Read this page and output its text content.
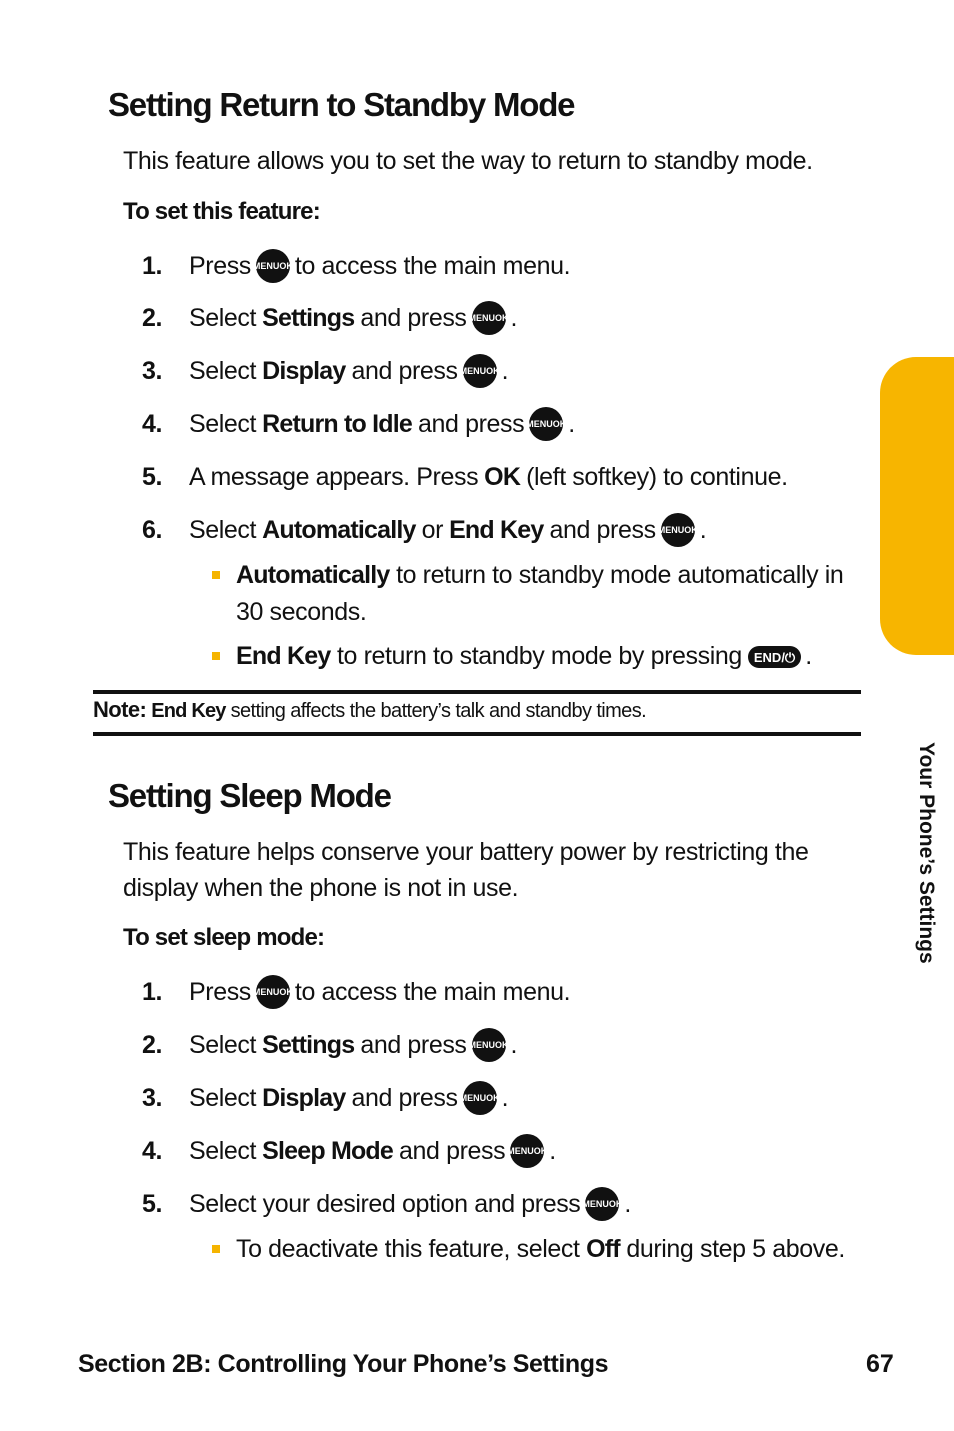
Setting Return to Standby Mode

This feature allows you to set the way to return to standby mode.

To set this feature:

1.	Press MENU OK to access the main menu.
2.	Select Settings and press MENU OK .
3.	Select Display and press MENU OK .
4.	Select Return to Idle and press MENU OK .
5.	A message appears. Press OK (left softkey) to continue.
6.	Select Automatically or End Key and press MENU OK .
Automatically to return to standby mode automatically in 30 seconds.
End Key to return to standby mode by pressing END/⏻ .
Note: End Key setting affects the battery’s talk and standby times.
Setting Sleep Mode

This feature helps conserve your battery power by restricting the display when the phone is not in use.

To set sleep mode:

1.	Press MENU OK to access the main menu.
2.	Select Settings and press MENU OK .
3.	Select Display and press MENU OK .
4.	Select Sleep Mode and press MENU OK .
5.	Select your desired option and press MENU OK .
To deactivate this feature, select Off during step 5 above.
Your Phone’s Settings
Section 2B: Controlling Your Phone’s Settings	67
